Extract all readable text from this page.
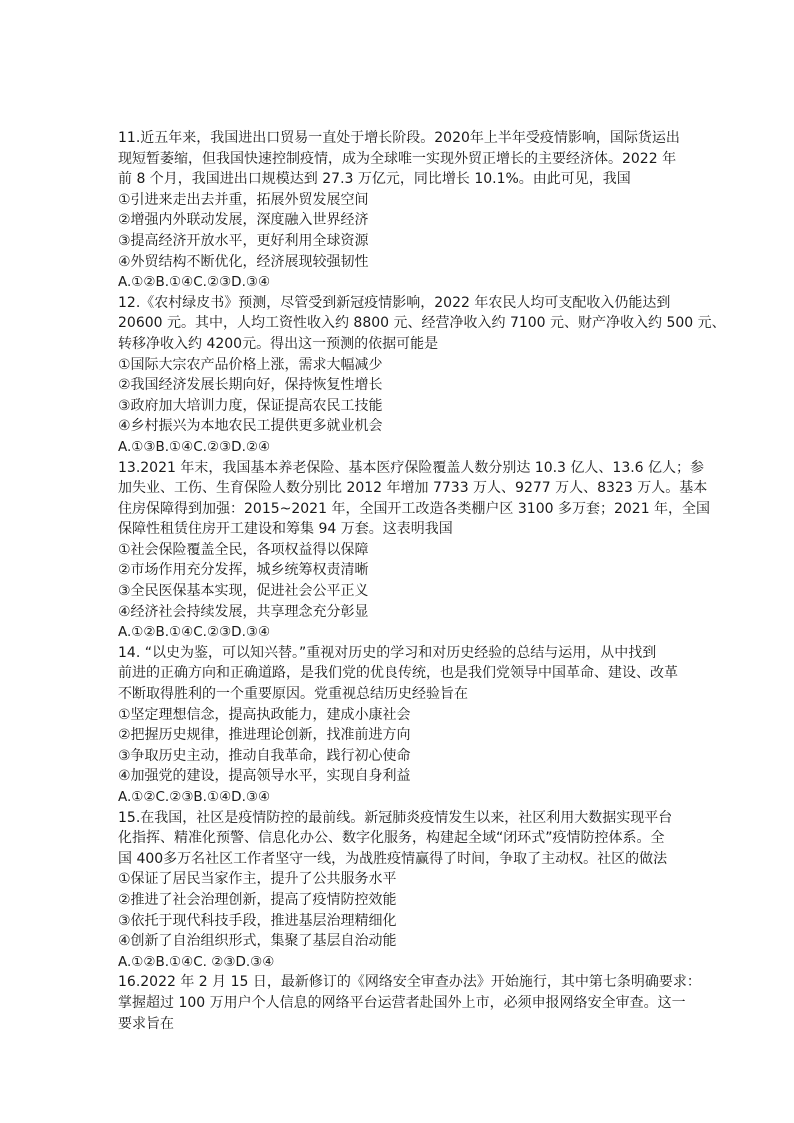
11.近五年来，我国进出口贸易一直处于增长阶段。2020年上半年受疫情影响，国际货运出

现短暂萎缩，但我国快速控制疫情，成为全球唯一实现外贸正增长的主要经济体。2022 年

前 8 个月，我国进出口规模达到 27.3 万亿元，同比增长 10.1%。由此可见，我国

①引进来走出去并重，拓展外贸发展空间

②增强内外联动发展，深度融入世界经济

③提高经济开放水平，更好利用全球资源

④外贸结构不断优化，经济展现较强韧性

A.①②B.①④C.②③D.③④

12.《农村绿皮书》预测，尽管受到新冠疫情影响，2022 年农民人均可支配收入仍能达到

20600 元。其中，人均工资性收入约 8800 元、经营净收入约 7100 元、财产净收入约 500 元、

转移净收入约 4200元。得出这一预测的依据可能是

①国际大宗农产品价格上涨，需求大幅减少

②我国经济发展长期向好，保持恢复性增长

③政府加大培训力度，保证提高农民工技能

④乡村振兴为本地农民工提供更多就业机会

A.①③B.①④C.②③D.②④

13.2021 年末，我国基本养老保险、基本医疗保险覆盖人数分别达 10.3 亿人、13.6 亿人；参

加失业、工伤、生育保险人数分别比 2012 年增加 7733 万人、9277 万人、8323 万人。基本

住房保障得到加强：2015~2021 年，全国开工改造各类棚户区 3100 多万套；2021 年，全国

保障性租赁住房开工建设和筹集 94 万套。这表明我国

①社会保险覆盖全民，各项权益得以保障

②市场作用充分发挥，城乡统筹权责清晰

③全民医保基本实现，促进社会公平正义

④经济社会持续发展，共享理念充分彰显

A.①②B.①④C.②③D.③④

14. “以史为鉴，可以知兴替。”重视对历史的学习和对历史经验的总结与运用，从中找到

前进的正确方向和正确道路，是我们党的优良传统，也是我们党领导中国革命、建设、改革

不断取得胜利的一个重要原因。党重视总结历史经验旨在

①坚定理想信念，提高执政能力，建成小康社会

②把握历史规律，推进理论创新，找准前进方向

③争取历史主动，推动自我革命，践行初心使命

④加强党的建设，提高领导水平，实现自身利益

A.①②C.②③B.①④D.③④

15.在我国，社区是疫情防控的最前线。新冠肺炎疫情发生以来，社区利用大数据实现平台

化指挥、精准化预警、信息化办公、数字化服务，构建起全域“闭环式”疫情防控体系。全

国 400多万名社区工作者坚守一线，为战胜疫情赢得了时间，争取了主动权。社区的做法

①保证了居民当家作主，提升了公共服务水平

②推进了社会治理创新，提高了疫情防控效能

③依托于现代科技手段，推进基层治理精细化

④创新了自治组织形式，集聚了基层自治动能

A.①②B.①④C. ②③D.③④

16.2022 年 2 月 15 日，最新修订的《网络安全审查办法》开始施行，其中第七条明确要求：

掌握超过 100 万用户个人信息的网络平台运营者赴国外上市，必须申报网络安全审查。这一

要求旨在
